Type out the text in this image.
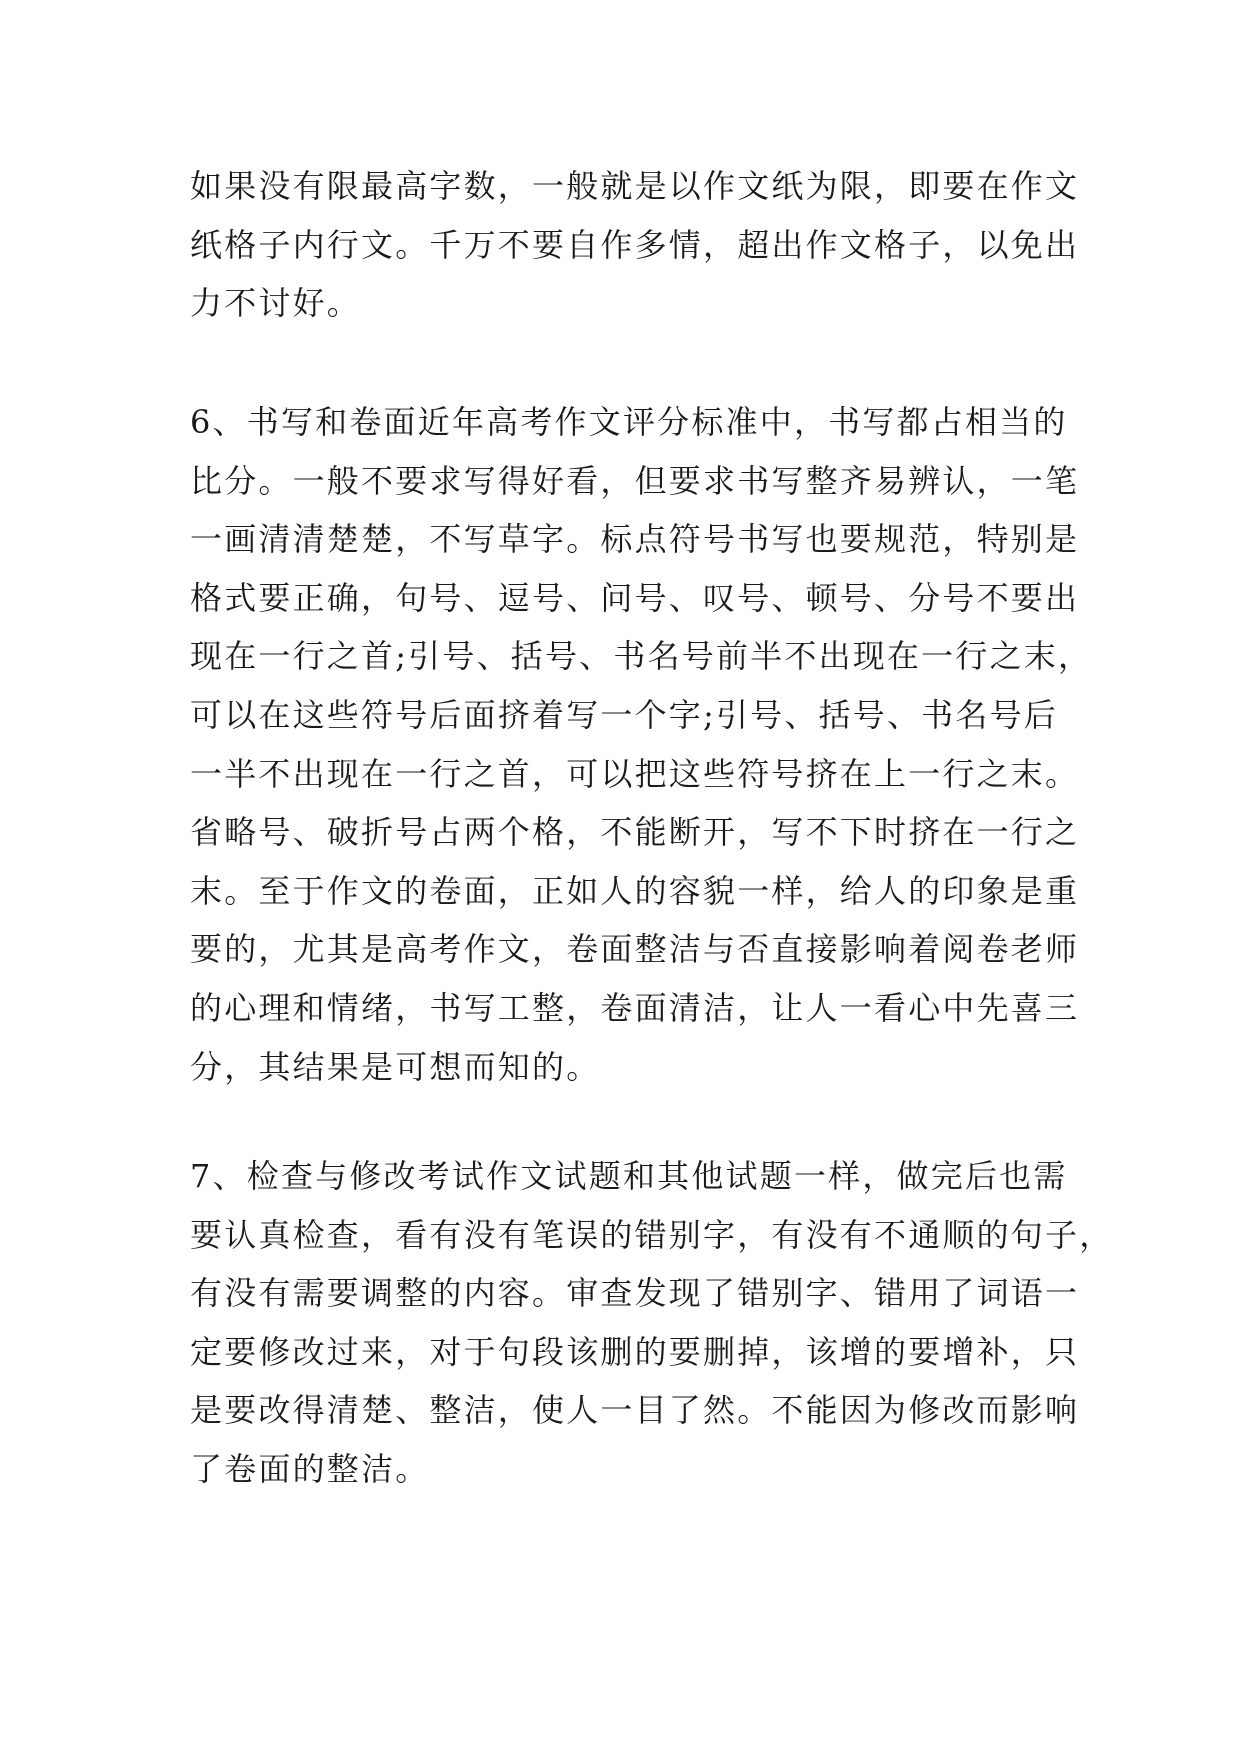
如果没有限最高字数，一般就是以作文纸为限，即要在作文
纸格子内行文。千万不要自作多情，超出作文格子，以免出
力不讨好。
6、书写和卷面近年高考作文评分标准中，书写都占相当的
比分。一般不要求写得好看，但要求书写整齐易辨认，一笔
一画清清楚楚，不写草字。标点符号书写也要规范，特别是
格式要正确，句号、逗号、问号、叹号、顿号、分号不要出
现在一行之首;引号、括号、书名号前半不出现在一行之末，
可以在这些符号后面挤着写一个字;引号、括号、书名号后
一半不出现在一行之首，可以把这些符号挤在上一行之末。
省略号、破折号占两个格，不能断开，写不下时挤在一行之
末。至于作文的卷面，正如人的容貌一样，给人的印象是重
要的，尤其是高考作文，卷面整洁与否直接影响着阅卷老师
的心理和情绪，书写工整，卷面清洁，让人一看心中先喜三
分，其结果是可想而知的。
7、检查与修改考试作文试题和其他试题一样，做完后也需
要认真检查，看有没有笔误的错别字，有没有不通顺的句子，
有没有需要调整的内容。审查发现了错别字、错用了词语一
定要修改过来，对于句段该删的要删掉，该增的要增补，只
是要改得清楚、整洁，使人一目了然。不能因为修改而影响
了卷面的整洁。
